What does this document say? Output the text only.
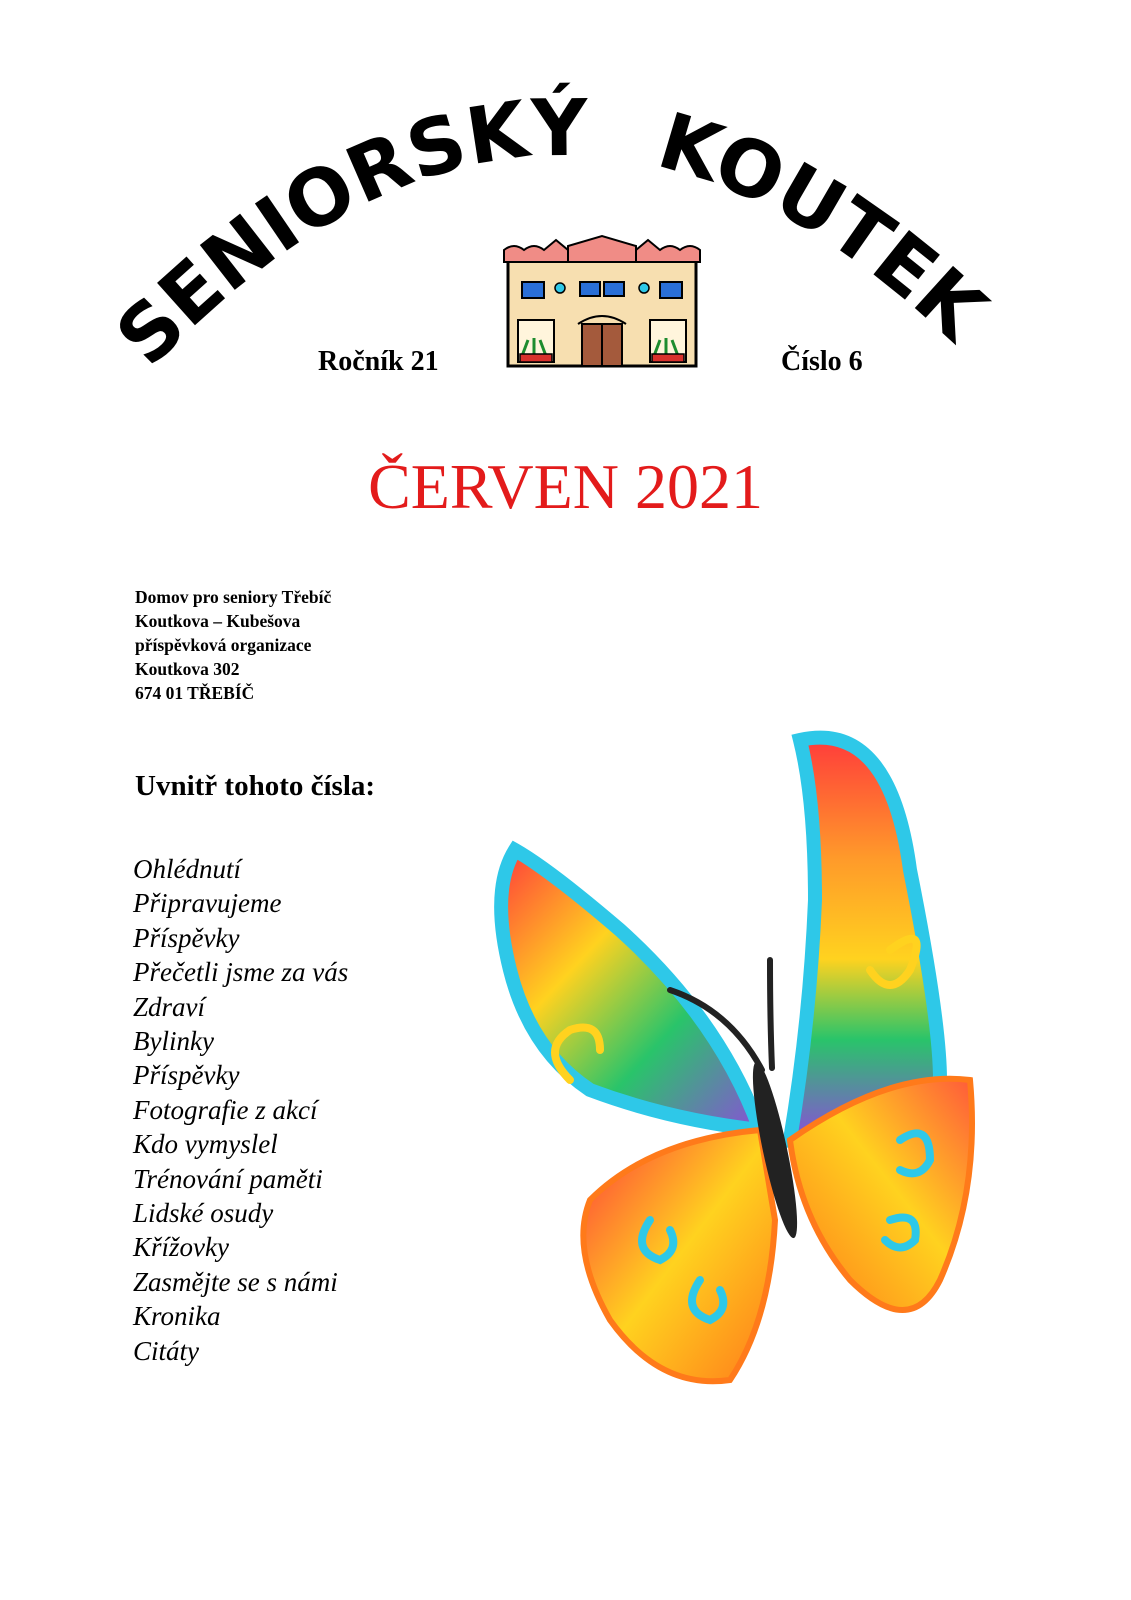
SENIORSKÝ KOUTEK
Ročník 21	Číslo 6
ČERVEN 2021
Domov pro seniory Třebíč
Koutkova – Kubešova
příspěvková organizace
Koutkova 302
674 01 TŘEBÍČ
Uvnitř tohoto čísla:
Ohlédnutí
Připravujeme
Příspěvky
Přečetli jsme za vás
Zdraví
Bylinky
Příspěvky
Fotografie z akcí
Kdo vymyslel
Trénování paměti
Lidské osudy
Křížovky
Zasmějte se s námi
Kronika
Citáty
